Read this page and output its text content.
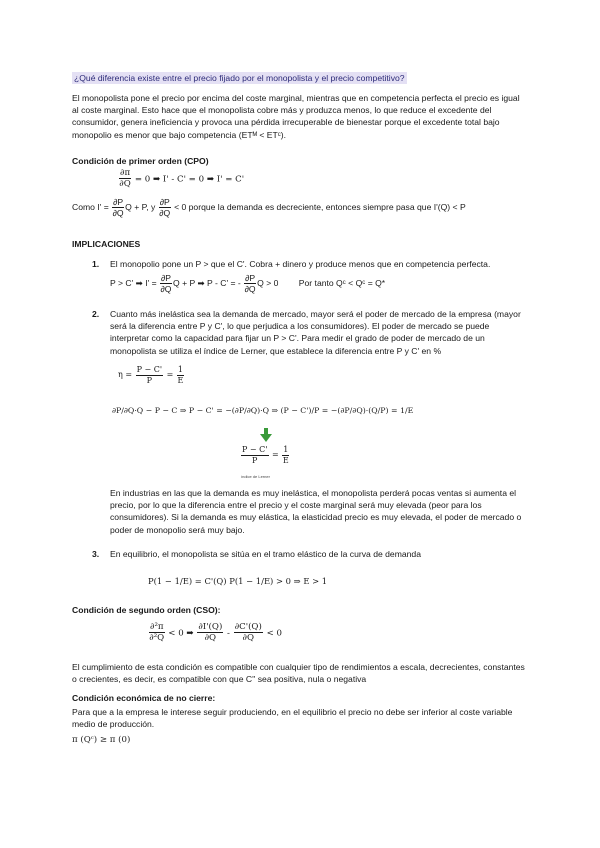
¿Qué diferencia existe entre el precio fijado por el monopolista y el precio competitivo?
El monopolista pone el precio por encima del coste marginal, mientras que en competencia perfecta el precio es igual al coste marginal. Esto hace que el monopolista cobre más y produzca menos, lo que reduce el excedente del consumidor, genera ineficiencia y provoca una pérdida irrecuperable de bienestar porque el excedente total bajo monopolio es menor que bajo competencia (ETᴹ < ETᶜ).
Condición de primer orden (CPO)
$\frac{\partial\pi}{\partial Q} = 0$ ➡ I' - C' = 0 ➡ I' = C'
Como $I' = \frac{\partial P}{\partial Q}$ Q + P, y $\frac{\partial P}{\partial Q} < 0$ porque la demanda es decreciente, entonces siempre pasa que I'(Q) < P
IMPLICACIONES
1. El monopolio pone un P > que el C'. Cobra + dinero y produce menos que en competencia perfecta.
P > C' ➡ $I' = \frac{\partial P}{\partial Q}$ Q + P ➡ P - C' = - $\frac{\partial P}{\partial Q}$ Q > 0 Por tanto Qᶜ < Qᶜ = Q*
2. Cuanto más inelástica sea la demanda de mercado, mayor será el poder de mercado de la empresa (mayor será la diferencia entre P y C', lo que perjudica a los consumidores). El poder de mercado se puede interpretar como la capacidad para fijar un P > C'. Para medir el grado de poder de mercado de un monopolista se utiliza el índice de Lerner, que establece la diferencia entre P y C' en %
$\eta = \frac{P - C'}{P} = \frac{1}{E}$
∂P/∂Q·Q − P − C ⇒ P − C' = −(∂P/∂Q)·Q ⇒ (P − C')/P = −(∂P/∂Q)·(Q/P) = 1/E
$\frac{P - C'}{P} = \frac{1}{E}$
índice de Lerner
En industrias en las que la demanda es muy inelástica, el monopolista perderá pocas ventas si aumenta el precio, por lo que la diferencia entre el precio y el coste marginal será muy elevada (peor para los consumidores). Si la demanda es muy elástica, la elasticidad precio es muy elevada, el poder de mercado o poder de monopolio será muy bajo.
3. En equilibrio, el monopolista se sitúa en el tramo elástico de la curva de demanda
P(1 − 1/E) = C'(Q) P(1 − 1/E) > 0 ⇒ E > 1
Condición de segundo orden (CSO):
$\frac{\text{∂²π}}{\text{∂²Q}} < 0$ ➡ $\frac{\partial I'(Q)}{\partial Q} - \frac{\partial C'(Q)}{\partial Q} < 0$
El cumplimiento de esta condición es compatible con cualquier tipo de rendimientos a escala, decrecientes, constantes o crecientes, es decir, es compatible con que C'' sea positiva, nula o negativa
Condición económica de no cierre:
Para que a la empresa le interese seguir produciendo, en el equilibrio el precio no debe ser inferior al coste variable medio de producción.
π (Qᶜ) ≥ π (0)
